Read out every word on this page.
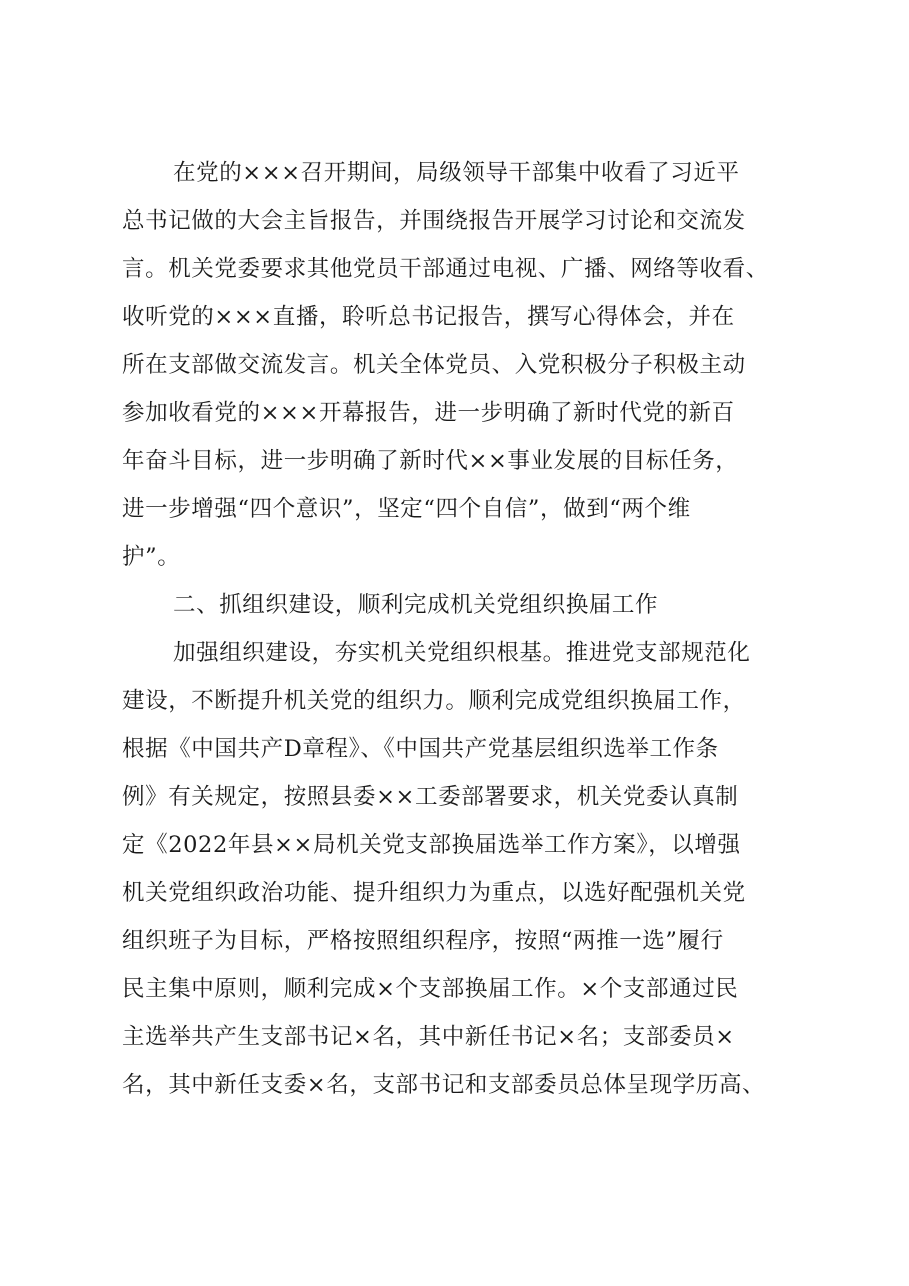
在党的×××召开期间，局级领导干部集中收看了习近平
总书记做的大会主旨报告，并围绕报告开展学习讨论和交流发
言。机关党委要求其他党员干部通过电视、广播、网络等收看、
收听党的×××直播，聆听总书记报告，撰写心得体会，并在
所在支部做交流发言。机关全体党员、入党积极分子积极主动
参加收看党的×××开幕报告，进一步明确了新时代党的新百
年奋斗目标，进一步明确了新时代××事业发展的目标任务，
进一步增强“四个意识”，坚定“四个自信”，做到“两个维
护”。
二、抓组织建设，顺利完成机关党组织换届工作
加强组织建设，夯实机关党组织根基。推进党支部规范化
建设，不断提升机关党的组织力。顺利完成党组织换届工作，
根据《中国共产D章程》、《中国共产党基层组织选举工作条
例》有关规定，按照县委××工委部署要求，机关党委认真制
定《2022年县××局机关党支部换届选举工作方案》，以增强
机关党组织政治功能、提升组织力为重点，以选好配强机关党
组织班子为目标，严格按照组织程序，按照“两推一选”履行
民主集中原则，顺利完成×个支部换届工作。×个支部通过民
主选举共产生支部书记×名，其中新任书记×名；支部委员×
名，其中新任支委×名，支部书记和支部委员总体呈现学历高、
